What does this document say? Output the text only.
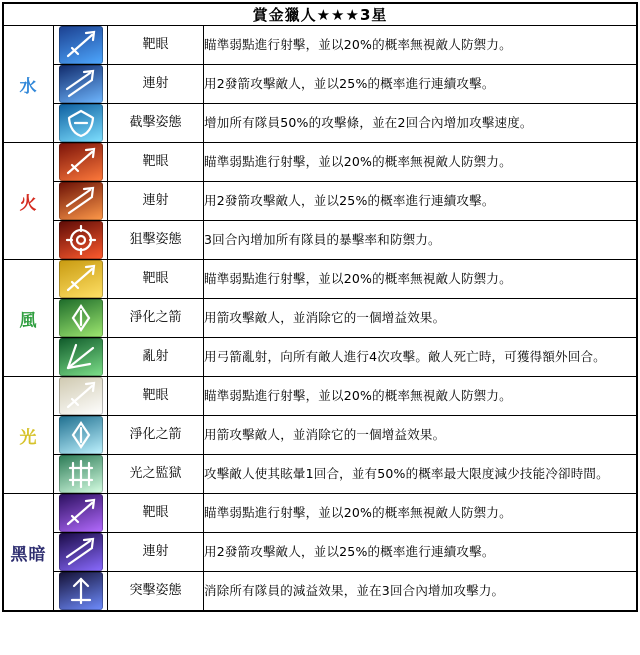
賞金獵人★★★3星			
水		靶眼	瞄準弱點進行射擊，並以20%的概率無視敵人防禦力。

	連射	用2發箭攻擊敵人，並以25%的概率進行連續攻擊。

	截擊姿態	增加所有隊員50%的攻擊條，並在2回合內增加攻擊速度。
火		靶眼	瞄準弱點進行射擊，並以20%的概率無視敵人防禦力。

	連射	用2發箭攻擊敵人，並以25%的概率進行連續攻擊。

	狙擊姿態	3回合內增加所有隊員的暴擊率和防禦力。
風		靶眼	瞄準弱點進行射擊，並以20%的概率無視敵人防禦力。

	淨化之箭	用箭攻擊敵人，並消除它的一個增益效果。

	亂射	用弓箭亂射，向所有敵人進行4次攻擊。敵人死亡時，可獲得額外回合。
光		靶眼	瞄準弱點進行射擊，並以20%的概率無視敵人防禦力。

	淨化之箭	用箭攻擊敵人，並消除它的一個增益效果。

	光之監獄	攻擊敵人使其眩暈1回合，並有50%的概率最大限度減少技能冷卻時間。
黑暗		靶眼	瞄準弱點進行射擊，並以20%的概率無視敵人防禦力。

	連射	用2發箭攻擊敵人，並以25%的概率進行連續攻擊。

	突擊姿態	消除所有隊員的減益效果，並在3回合內增加攻擊力。
